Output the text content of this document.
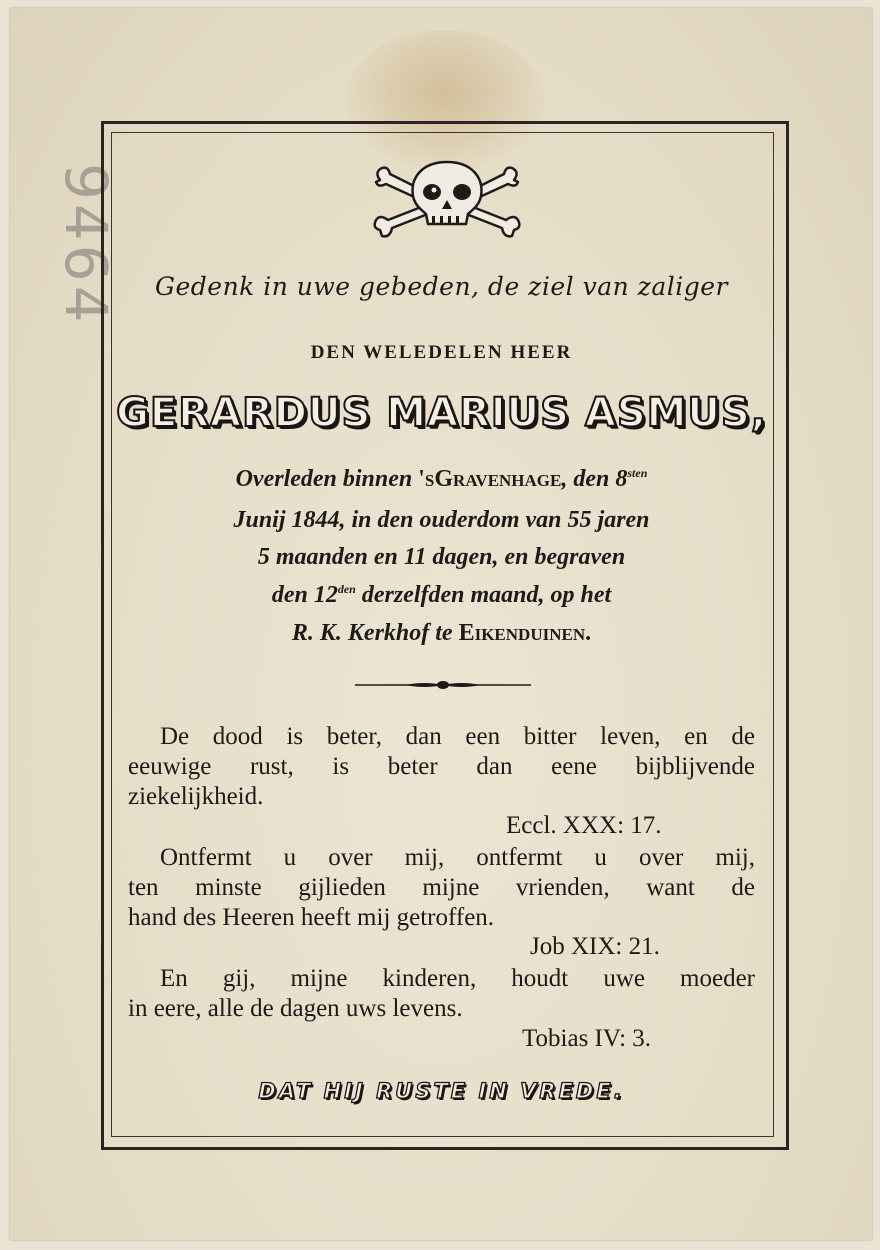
9464	Gedenk in uwe gebeden, de ziel van zaliger

DEN WELEDELEN HEER

GERARDUS MARIUS ASMUS,

Overleden binnen 'sGravenhage, den $8^{sten}$

Junij 1844, in den ouderdom van 55 jaren

5 maanden en 11 dagen, en begraven

den $12^{den}$ derzelfden maand, op het

R. K. Kerkhof te Eikenduinen.

De dood is beter, dan een bitter leven, en de

eeuwige rust, is beter dan eene bijblijvende

ziekelijkheid.

Eccl. XXX: 17.

Ontfermt u over mij, ontfermt u over mij,

ten minste gijlieden mijne vrienden, want de

hand des Heeren heeft mij getroffen.

Job XIX: 21.

En gij, mijne kinderen, houdt uwe moeder

in eere, alle de dagen uws levens.

Tobias IV: 3.

DAT HIJ RUSTE IN VREDE.
